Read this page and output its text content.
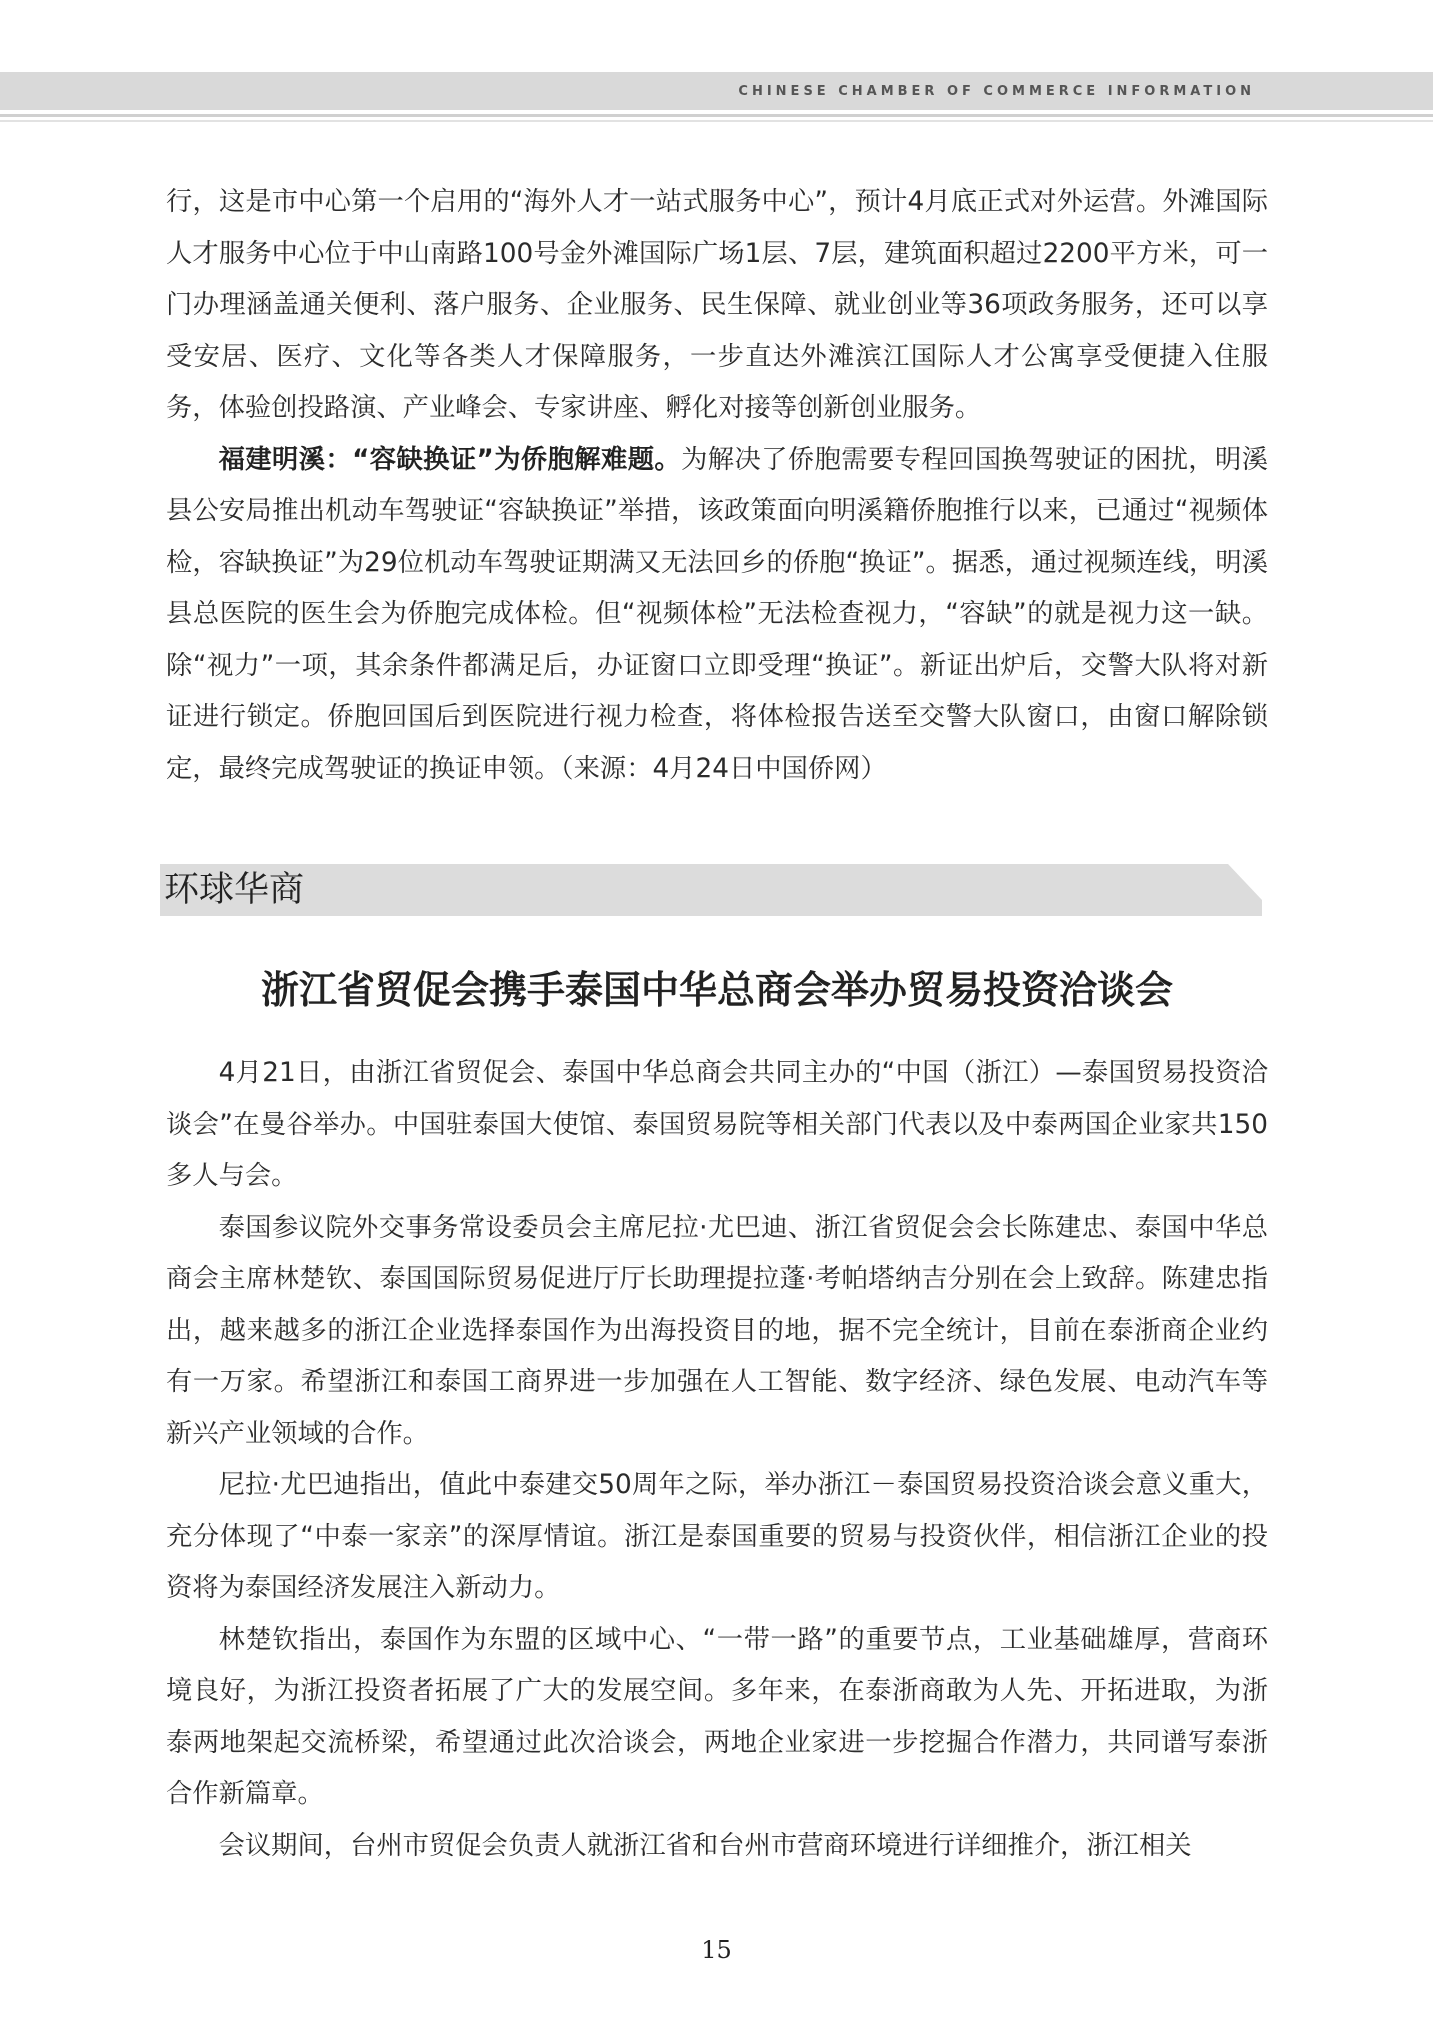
CHINESE CHAMBER OF COMMERCE INFORMATION

行，这是市中心第一个启用的“海外人才一站式服务中心”，预计4月底正式对外运营。外滩国际人才服务中心位于中山南路100号金外滩国际广场1层、7层，建筑面积超过2200平方米，可一门办理涵盖通关便利、落户服务、企业服务、民生保障、就业创业等36项政务服务，还可以享受安居、医疗、文化等各类人才保障服务，一步直达外滩滨江国际人才公寓享受便捷入住服务，体验创投路演、产业峰会、专家讲座、孵化对接等创新创业服务。

福建明溪：“容缺换证”为侨胞解难题。为解决了侨胞需要专程回国换驾驶证的困扰，明溪县公安局推出机动车驾驶证“容缺换证”举措，该政策面向明溪籍侨胞推行以来，已通过“视频体检，容缺换证”为29位机动车驾驶证期满又无法回乡的侨胞“换证”。据悉，通过视频连线，明溪县总医院的医生会为侨胞完成体检。但“视频体检”无法检查视力，“容缺”的就是视力这一缺。除“视力”一项，其余条件都满足后，办证窗口立即受理“换证”。新证出炉后，交警大队将对新证进行锁定。侨胞回国后到医院进行视力检查，将体检报告送至交警大队窗口，由窗口解除锁定，最终完成驾驶证的换证申领。（来源：4月24日中国侨网）

环球华商
浙江省贸促会携手泰国中华总商会举办贸易投资洽谈会

4月21日，由浙江省贸促会、泰国中华总商会共同主办的“中国（浙江）—泰国贸易投资洽谈会”在曼谷举办。中国驻泰国大使馆、泰国贸易院等相关部门代表以及中泰两国企业家共150多人与会。

泰国参议院外交事务常设委员会主席尼拉·尤巴迪、浙江省贸促会会长陈建忠、泰国中华总商会主席林楚钦、泰国国际贸易促进厅厅长助理提拉蓬·考帕塔纳吉分别在会上致辞。陈建忠指出，越来越多的浙江企业选择泰国作为出海投资目的地，据不完全统计，目前在泰浙商企业约有一万家。希望浙江和泰国工商界进一步加强在人工智能、数字经济、绿色发展、电动汽车等新兴产业领域的合作。

尼拉·尤巴迪指出，值此中泰建交50周年之际，举办浙江－泰国贸易投资洽谈会意义重大，充分体现了“中泰一家亲”的深厚情谊。浙江是泰国重要的贸易与投资伙伴，相信浙江企业的投资将为泰国经济发展注入新动力。

林楚钦指出，泰国作为东盟的区域中心、“一带一路”的重要节点，工业基础雄厚，营商环境良好，为浙江投资者拓展了广大的发展空间。多年来，在泰浙商敢为人先、开拓进取，为浙泰两地架起交流桥梁，希望通过此次洽谈会，两地企业家进一步挖掘合作潜力，共同谱写泰浙合作新篇章。

会议期间，台州市贸促会负责人就浙江省和台州市营商环境进行详细推介，浙江相关

15
